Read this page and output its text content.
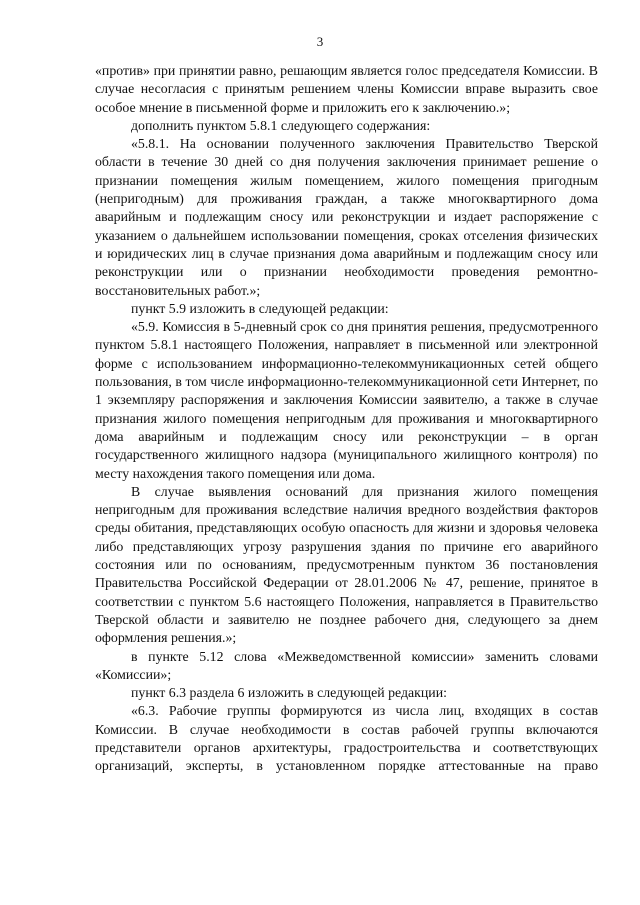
3

«против» при принятии равно, решающим является голос председателя Комиссии. В случае несогласия с принятым решением члены Комиссии вправе выразить свое особое мнение в письменной форме и приложить его к заключению.»;

дополнить пунктом 5.8.1 следующего содержания:

«5.8.1. На основании полученного заключения Правительство Тверской области в течение 30 дней со дня получения заключения принимает решение о признании помещения жилым помещением, жилого помещения пригодным (непригодным) для проживания граждан, а также многоквартирного дома аварийным и подлежащим сносу или реконструкции и издает распоряжение с указанием о дальнейшем использовании помещения, сроках отселения физических и юридических лиц в случае признания дома аварийным и подлежащим сносу или реконструкции или о признании необходимости проведения ремонтно-восстановительных работ.»;

пункт 5.9 изложить в следующей редакции:

«5.9. Комиссия в 5-дневный срок со дня принятия решения, предусмотренного пунктом 5.8.1 настоящего Положения, направляет в письменной или электронной форме с использованием информационно-телекоммуникационных сетей общего пользования, в том числе информационно-телекоммуникационной сети Интернет, по 1 экземпляру распоряжения и заключения Комиссии заявителю, а также в случае признания жилого помещения непригодным для проживания и многоквартирного дома аварийным и подлежащим сносу или реконструкции – в орган государственного жилищного надзора (муниципального жилищного контроля) по месту нахождения такого помещения или дома.

В случае выявления оснований для признания жилого помещения непригодным для проживания вследствие наличия вредного воздействия факторов среды обитания, представляющих особую опасность для жизни и здоровья человека либо представляющих угрозу разрушения здания по причине его аварийного состояния или по основаниям, предусмотренным пунктом 36 постановления Правительства Российской Федерации от 28.01.2006 № 47, решение, принятое в соответствии с пунктом 5.6 настоящего Положения, направляется в Правительство Тверской области и заявителю не позднее рабочего дня, следующего за днем оформления решения.»;

в пункте 5.12 слова «Межведомственной комиссии» заменить словами «Комиссии»;

пункт 6.3 раздела 6 изложить в следующей редакции:

«6.3. Рабочие группы формируются из числа лиц, входящих в состав Комиссии. В случае необходимости в состав рабочей группы включаются представители органов архитектуры, градостроительства и соответствующих организаций, эксперты, в установленном порядке аттестованные на право
